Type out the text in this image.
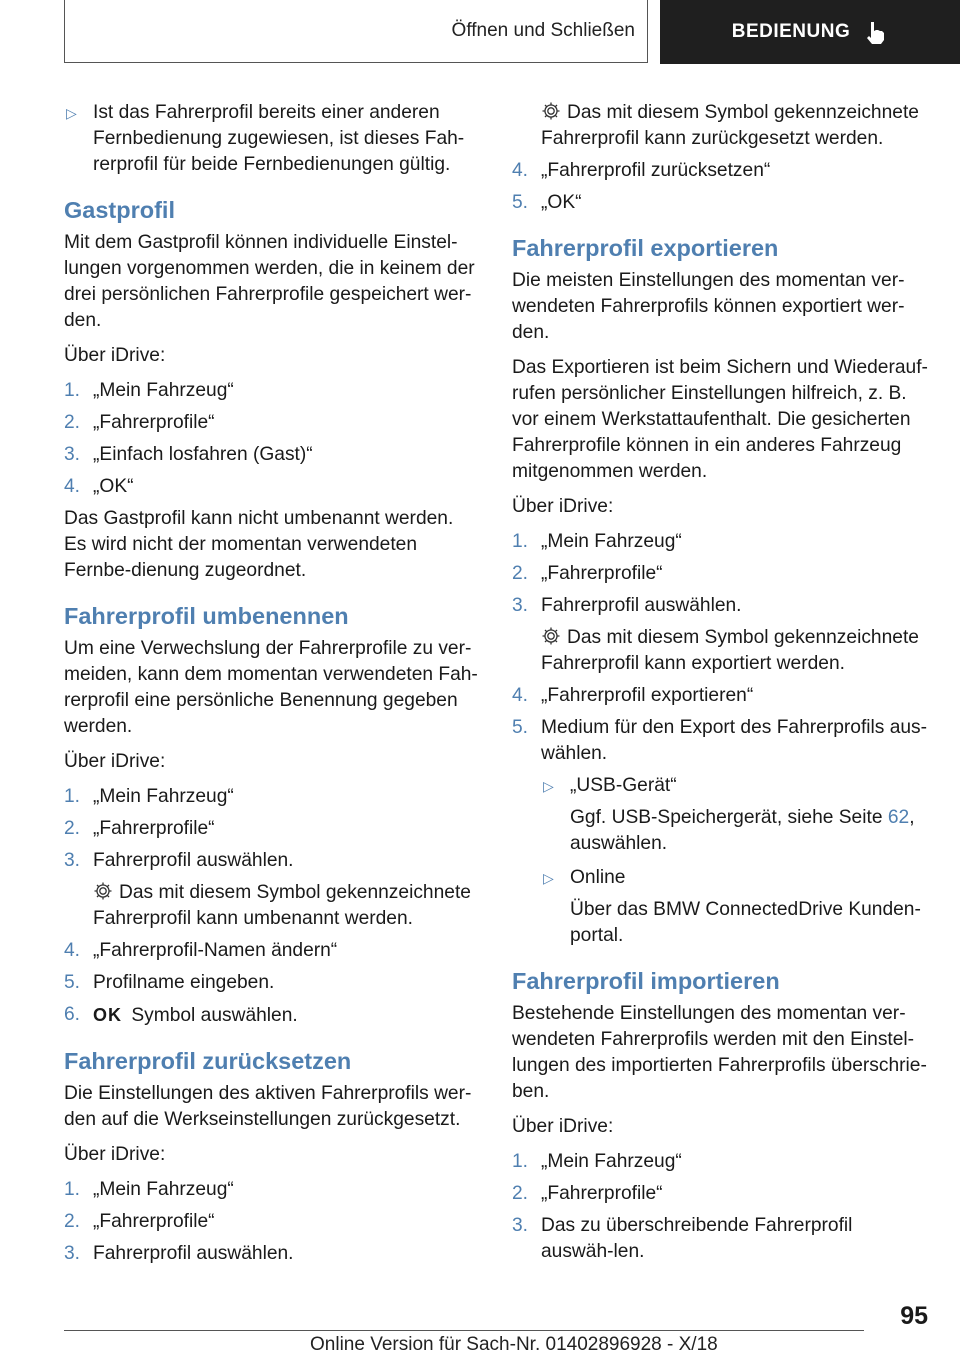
Öffnen und Schließen	BEDIENUNG
▷ Ist das Fahrerprofil bereits einer anderen Fernbedienung zugewiesen, ist dieses Fah‐rerprofil für beide Fernbedienungen gültig.
Gastprofil

Mit dem Gastprofil können individuelle Einstel‐lungen vorgenommen werden, die in keinem der drei persönlichen Fahrerprofile gespeichert wer‐den.

Über iDrive:

1. „Mein Fahrzeug“
2. „Fahrerprofile“
3. „Einfach losfahren (Gast)“
4. „OK“

Das Gastprofil kann nicht umbenannt werden. Es wird nicht der momentan verwendeten Fernbe‐dienung zugeordnet.

Fahrerprofil umbenennen

Um eine Verwechslung der Fahrerprofile zu ver‐meiden, kann dem momentan verwendeten Fah‐rerprofil eine persönliche Benennung gegeben werden.

Über iDrive:

1. „Mein Fahrzeug“
2. „Fahrerprofile“
3. Fahrerprofil auswählen.
Das mit diesem Symbol gekennzeichnete Fahrerprofil kann umbenannt werden.
4. „Fahrerprofil-Namen ändern“
5. Profilname eingeben.
6. OK Symbol auswählen.
Fahrerprofil zurücksetzen

Die Einstellungen des aktiven Fahrerprofils wer‐den auf die Werkseinstellungen zurückgesetzt.

Über iDrive:

1. „Mein Fahrzeug“
2. „Fahrerprofile“
3. Fahrerprofil auswählen.
Das mit diesem Symbol gekennzeichnete Fahrerprofil kann zurückgesetzt werden.
4. „Fahrerprofil zurücksetzen“
5. „OK“
Fahrerprofil exportieren

Die meisten Einstellungen des momentan ver‐wendeten Fahrerprofils können exportiert wer‐den.

Das Exportieren ist beim Sichern und Wiederauf‐rufen persönlicher Einstellungen hilfreich, z. B. vor einem Werkstattaufenthalt. Die gesicherten Fahrerprofile können in ein anderes Fahrzeug mitgenommen werden.

Über iDrive:

1. „Mein Fahrzeug“
2. „Fahrerprofile“
3. Fahrerprofil auswählen.
Das mit diesem Symbol gekennzeichnete Fahrerprofil kann exportiert werden.
4. „Fahrerprofil exportieren“
5. Medium für den Export des Fahrerprofils aus‐wählen.
▷ „USB-Gerät“
Ggf. USB-Speichergerät, siehe Seite 62, auswählen.
▷ Online
Über das BMW ConnectedDrive Kunden‐portal.
Fahrerprofil importieren

Bestehende Einstellungen des momentan ver‐wendeten Fahrerprofils werden mit den Einstel‐lungen des importierten Fahrerprofils überschrie‐ben.

Über iDrive:

1. „Mein Fahrzeug“
2. „Fahrerprofile“
3. Das zu überschreibende Fahrerprofil auswäh‐len.
95
Online Version für Sach-Nr. 01402896928 - X/18
